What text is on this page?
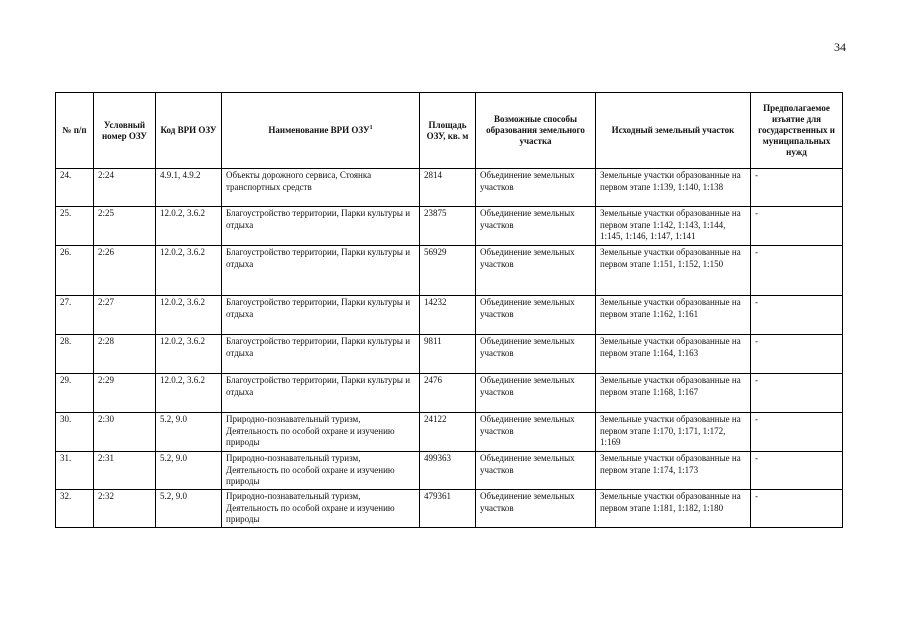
34
№ п/п	Условный номер ОЗУ	Код ВРИ ОЗУ	Наименование ВРИ ОЗУ$^1$	Площадь ОЗУ, кв. м	Возможные способы образования земельного участка	Исходный земельный участок	Предполагаемое изъятие для государственных и муниципальных нужд
24.	2:24	4.9.1, 4.9.2	Объекты дорожного сервиса, Стоянка транспортных средств	2814	Объединение земельных участков	Земельные участки образованные на первом этапе 1:139, 1:140, 1:138	-
25.	2:25	12.0.2, 3.6.2	Благоустройство территории, Парки культуры и отдыха	23875	Объединение земельных участков	Земельные участки образованные на первом этапе 1:142, 1:143, 1:144, 1:145, 1:146, 1:147, 1:141	-
26.	2:26	12.0.2, 3.6.2	Благоустройство территории, Парки культуры и отдыха	56929	Объединение земельных участков	Земельные участки образованные на первом этапе 1:151, 1:152, 1:150	-
27.	2:27	12.0.2, 3.6.2	Благоустройство территории, Парки культуры и отдыха	14232	Объединение земельных участков	Земельные участки образованные на первом этапе 1:162, 1:161	-
28.	2:28	12.0.2, 3.6.2	Благоустройство территории, Парки культуры и отдыха	9811	Объединение земельных участков	Земельные участки образованные на первом этапе 1:164, 1:163	-
29.	2:29	12.0.2, 3.6.2	Благоустройство территории, Парки культуры и отдыха	2476	Объединение земельных участков	Земельные участки образованные на первом этапе 1:168, 1:167	-
30.	2:30	5.2, 9.0	Природно-познавательный туризм, Деятельность по особой охране и изучению природы	24122	Объединение земельных участков	Земельные участки образованные на первом этапе 1:170, 1:171, 1:172, 1:169	-
31.	2:31	5.2, 9.0	Природно-познавательный туризм, Деятельность по особой охране и изучению природы	499363	Объединение земельных участков	Земельные участки образованные на первом этапе 1:174, 1:173	-
32.	2:32	5.2, 9.0	Природно-познавательный туризм, Деятельность по особой охране и изучению природы	479361	Объединение земельных участков	Земельные участки образованные на первом этапе 1:181, 1:182, 1:180	-
